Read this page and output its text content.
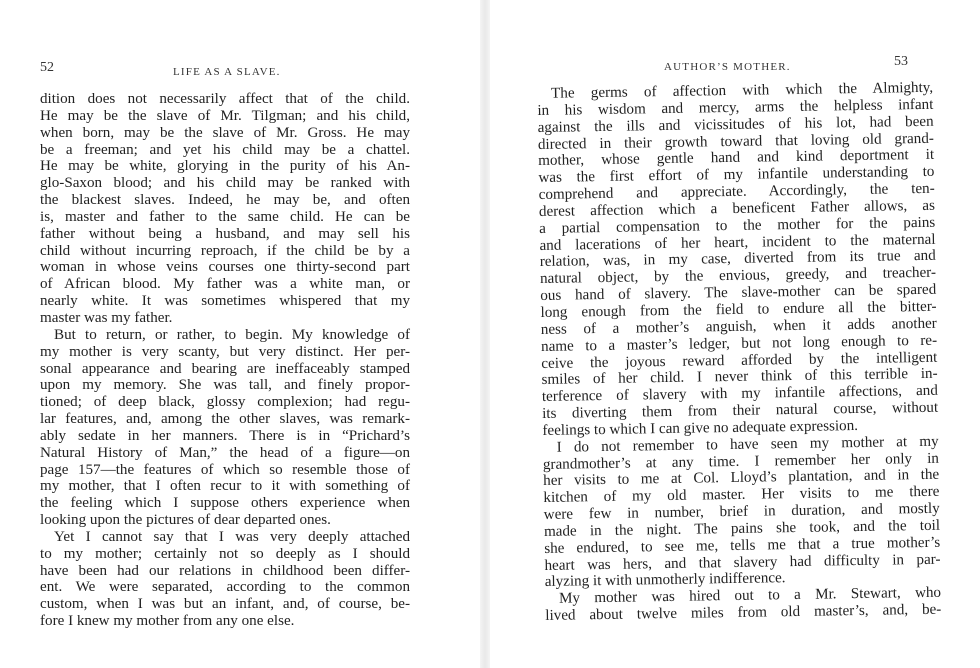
52	LIFE AS A SLAVE.
dition does not necessarily affect that of the child.
He may be the slave of Mr. Tilgman; and his child,
when born, may be the slave of Mr. Gross. He may
be a freeman; and yet his child may be a chattel.
He may be white, glorying in the purity of his An-
glo-Saxon blood; and his child may be ranked with
the blackest slaves. Indeed, he may be, and often
is, master and father to the same child. He can be
father without being a husband, and may sell his
child without incurring reproach, if the child be by a
woman in whose veins courses one thirty-second part
of African blood. My father was a white man, or
nearly white. It was sometimes whispered that my
master was my father.
But to return, or rather, to begin. My knowledge of
my mother is very scanty, but very distinct. Her per-
sonal appearance and bearing are ineffaceably stamped
upon my memory. She was tall, and finely propor-
tioned; of deep black, glossy complexion; had regu-
lar features, and, among the other slaves, was remark-
ably sedate in her manners. There is in “Prichard’s
Natural History of Man,” the head of a figure—on
page 157—the features of which so resemble those of
my mother, that I often recur to it with something of
the feeling which I suppose others experience when
looking upon the pictures of dear departed ones.
Yet I cannot say that I was very deeply attached
to my mother; certainly not so deeply as I should
have been had our relations in childhood been differ-
ent. We were separated, according to the common
custom, when I was but an infant, and, of course, be-
fore I knew my mother from any one else.
AUTHOR’S MOTHER.	53
The germs of affection with which the Almighty,
in his wisdom and mercy, arms the helpless infant
against the ills and vicissitudes of his lot, had been
directed in their growth toward that loving old grand-
mother, whose gentle hand and kind deportment it
was the first effort of my infantile understanding to
comprehend and appreciate. Accordingly, the ten-
derest affection which a beneficent Father allows, as
a partial compensation to the mother for the pains
and lacerations of her heart, incident to the maternal
relation, was, in my case, diverted from its true and
natural object, by the envious, greedy, and treacher-
ous hand of slavery. The slave-mother can be spared
long enough from the field to endure all the bitter-
ness of a mother’s anguish, when it adds another
name to a master’s ledger, but not long enough to re-
ceive the joyous reward afforded by the intelligent
smiles of her child. I never think of this terrible in-
terference of slavery with my infantile affections, and
its diverting them from their natural course, without
feelings to which I can give no adequate expression.
I do not remember to have seen my mother at my
grandmother’s at any time. I remember her only in
her visits to me at Col. Lloyd’s plantation, and in the
kitchen of my old master. Her visits to me there
were few in number, brief in duration, and mostly
made in the night. The pains she took, and the toil
she endured, to see me, tells me that a true mother’s
heart was hers, and that slavery had difficulty in par-
alyzing it with unmotherly indifference.
My mother was hired out to a Mr. Stewart, who
lived about twelve miles from old master’s, and, be-
